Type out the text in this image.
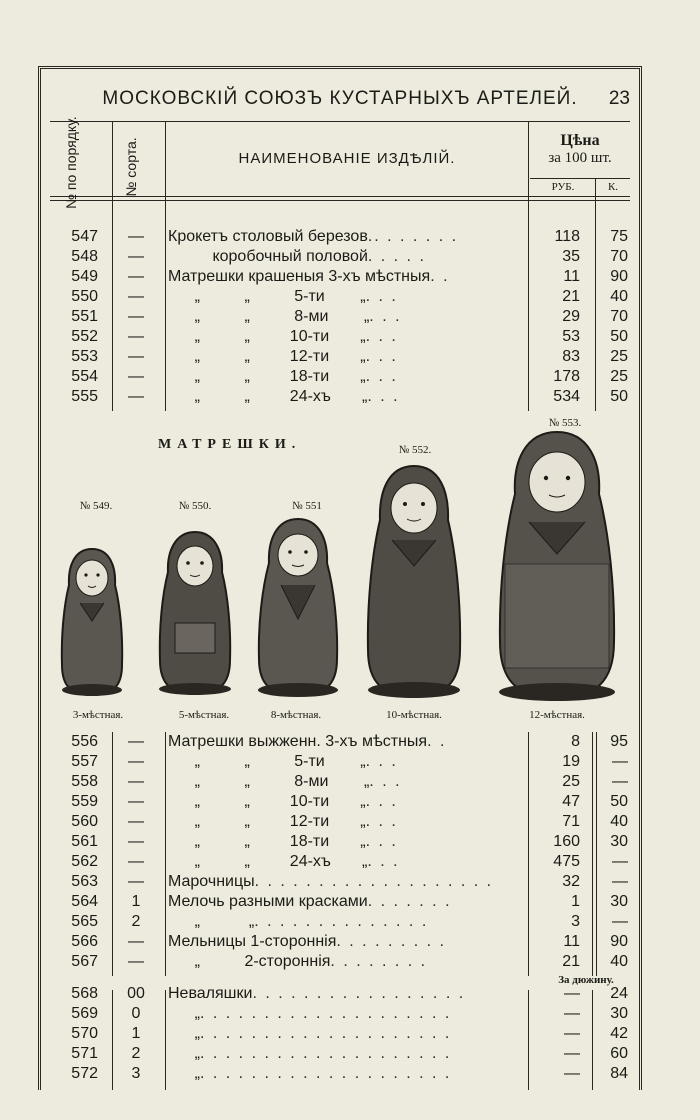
МОСКОВСКІЙ СОЮЗЪ КУСТАРНЫХЪ АРТЕЛЕЙ.	23
№ по порядку.	№ сорта.	НАИМЕНОВАНІЕ ИЗДѢЛІЙ.
Цѣна
за 100 шт.
РУБ.	К.
547	—	Крокетъ столовый березов.. . . . . . .	118	75
548	—	коробочный половой. . . . .	35	70
549	—	Матрешки крашеныя 3-хъ мѣстныя. .	11	90
550	—	„          „          5-ти        „. . .	21	40
551	—	„          „          8-ми        „. . .	29	70
552	—	„          „         10-ти       „. . .	53	50
553	—	„          „         12-ти       „. . .	83	25
554	—	„          „         18-ти       „. . .	178	25
555	—	„          „         24-хъ       „. . .	534	50
МАТРЕШКИ.
№ 549.	№ 550.	№ 551
№ 552.
№ 553.
3-мѣстная.	5-мѣстная.	8-мѣстная.	10-мѣстная.	12-мѣстная.
556	—	Матрешки выжженн. 3-хъ мѣстныя. .	8	95
557	—	„          „          5-ти        „. . .	19	—
558	—	„          „          8-ми        „. . .	25	—
559	—	„          „         10-ти       „. . .	47	50
560	—	„          „         12-ти       „. . .	71	40
561	—	„          „         18-ти       „. . .	160	30
562	—	„          „         24-хъ       „. . .	475	—
563	—	Марочницы. . . . . . . . . . . . . . . . . . .	32	—
564	1	Мелочь разными красками. . . . . . .	1	30
565	2	„           „. . . . . . . . . . . . . .	3	—
566	—	Мельницы 1-стороннія. . . . . . . . .	11	90
567	—	„          2-стороннія. . . . . . . .	21	40
За дюжину.
568	00	Неваляшки. . . . . . . . . . . . . . . . .	—	24
569	0	„. . . . . . . . . . . . . . . . . . . .	—	30
570	1	„. . . . . . . . . . . . . . . . . . . .	—	42
571	2	„. . . . . . . . . . . . . . . . . . . .	—	60
572	3	„. . . . . . . . . . . . . . . . . . . .	—	84
